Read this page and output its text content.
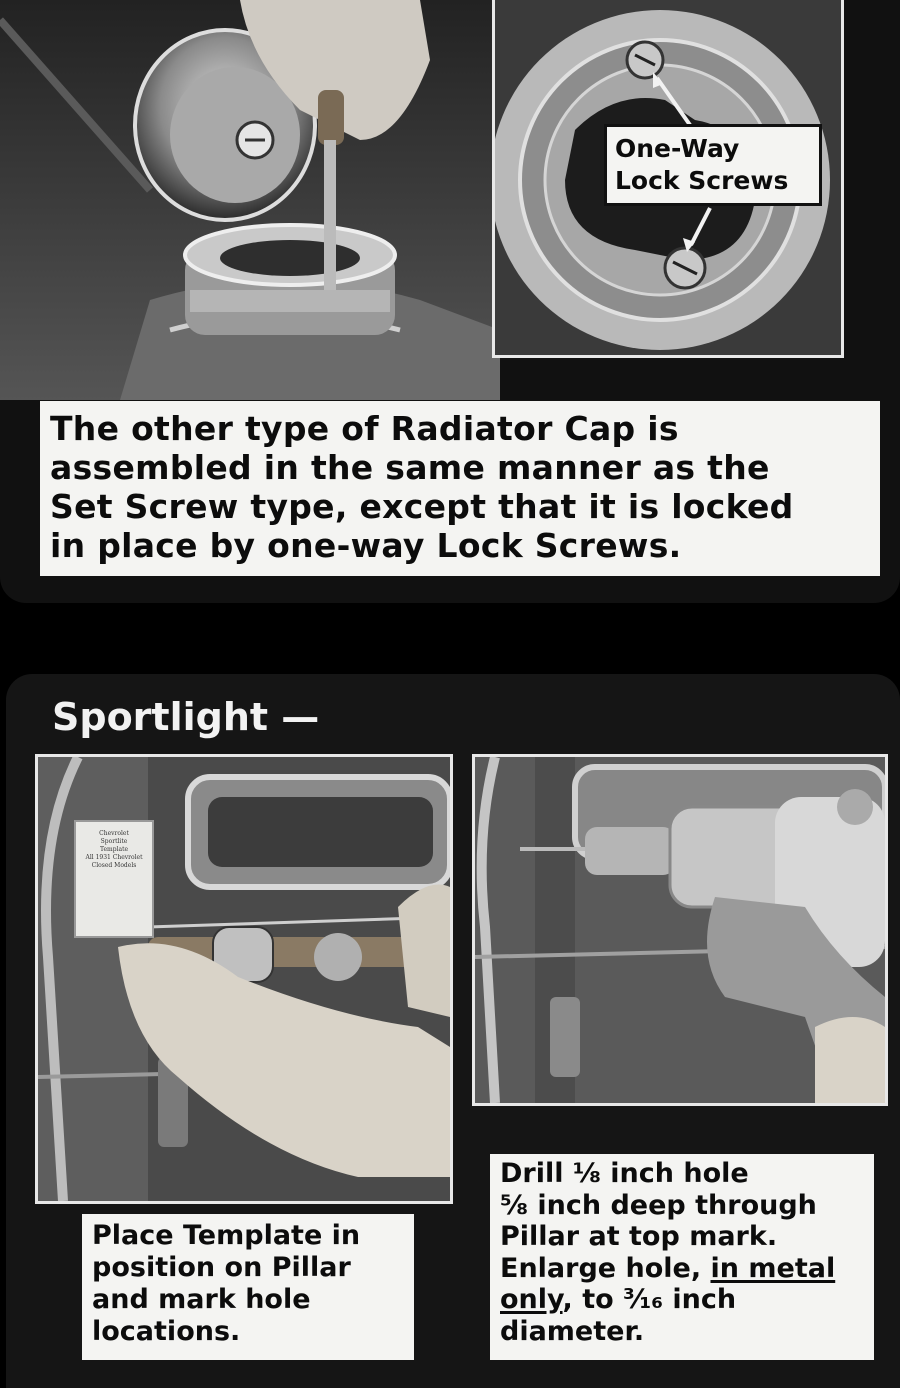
One-Way
Lock Screws
The other type of Radiator Cap is
assembled in the same manner as the
Set Screw type, except that it is locked
in place by one-way Lock Screws.
Sportlight —
Chevrolet
Sportlite
Template
All 1931 Chevrolet
Closed Models
Place Template in
position on Pillar
and mark hole
locations.
Drill ⅛ inch hole
⅝ inch deep through
Pillar at top mark.
Enlarge hole, in metal
only, to ³⁄₁₆ inch
diameter.
